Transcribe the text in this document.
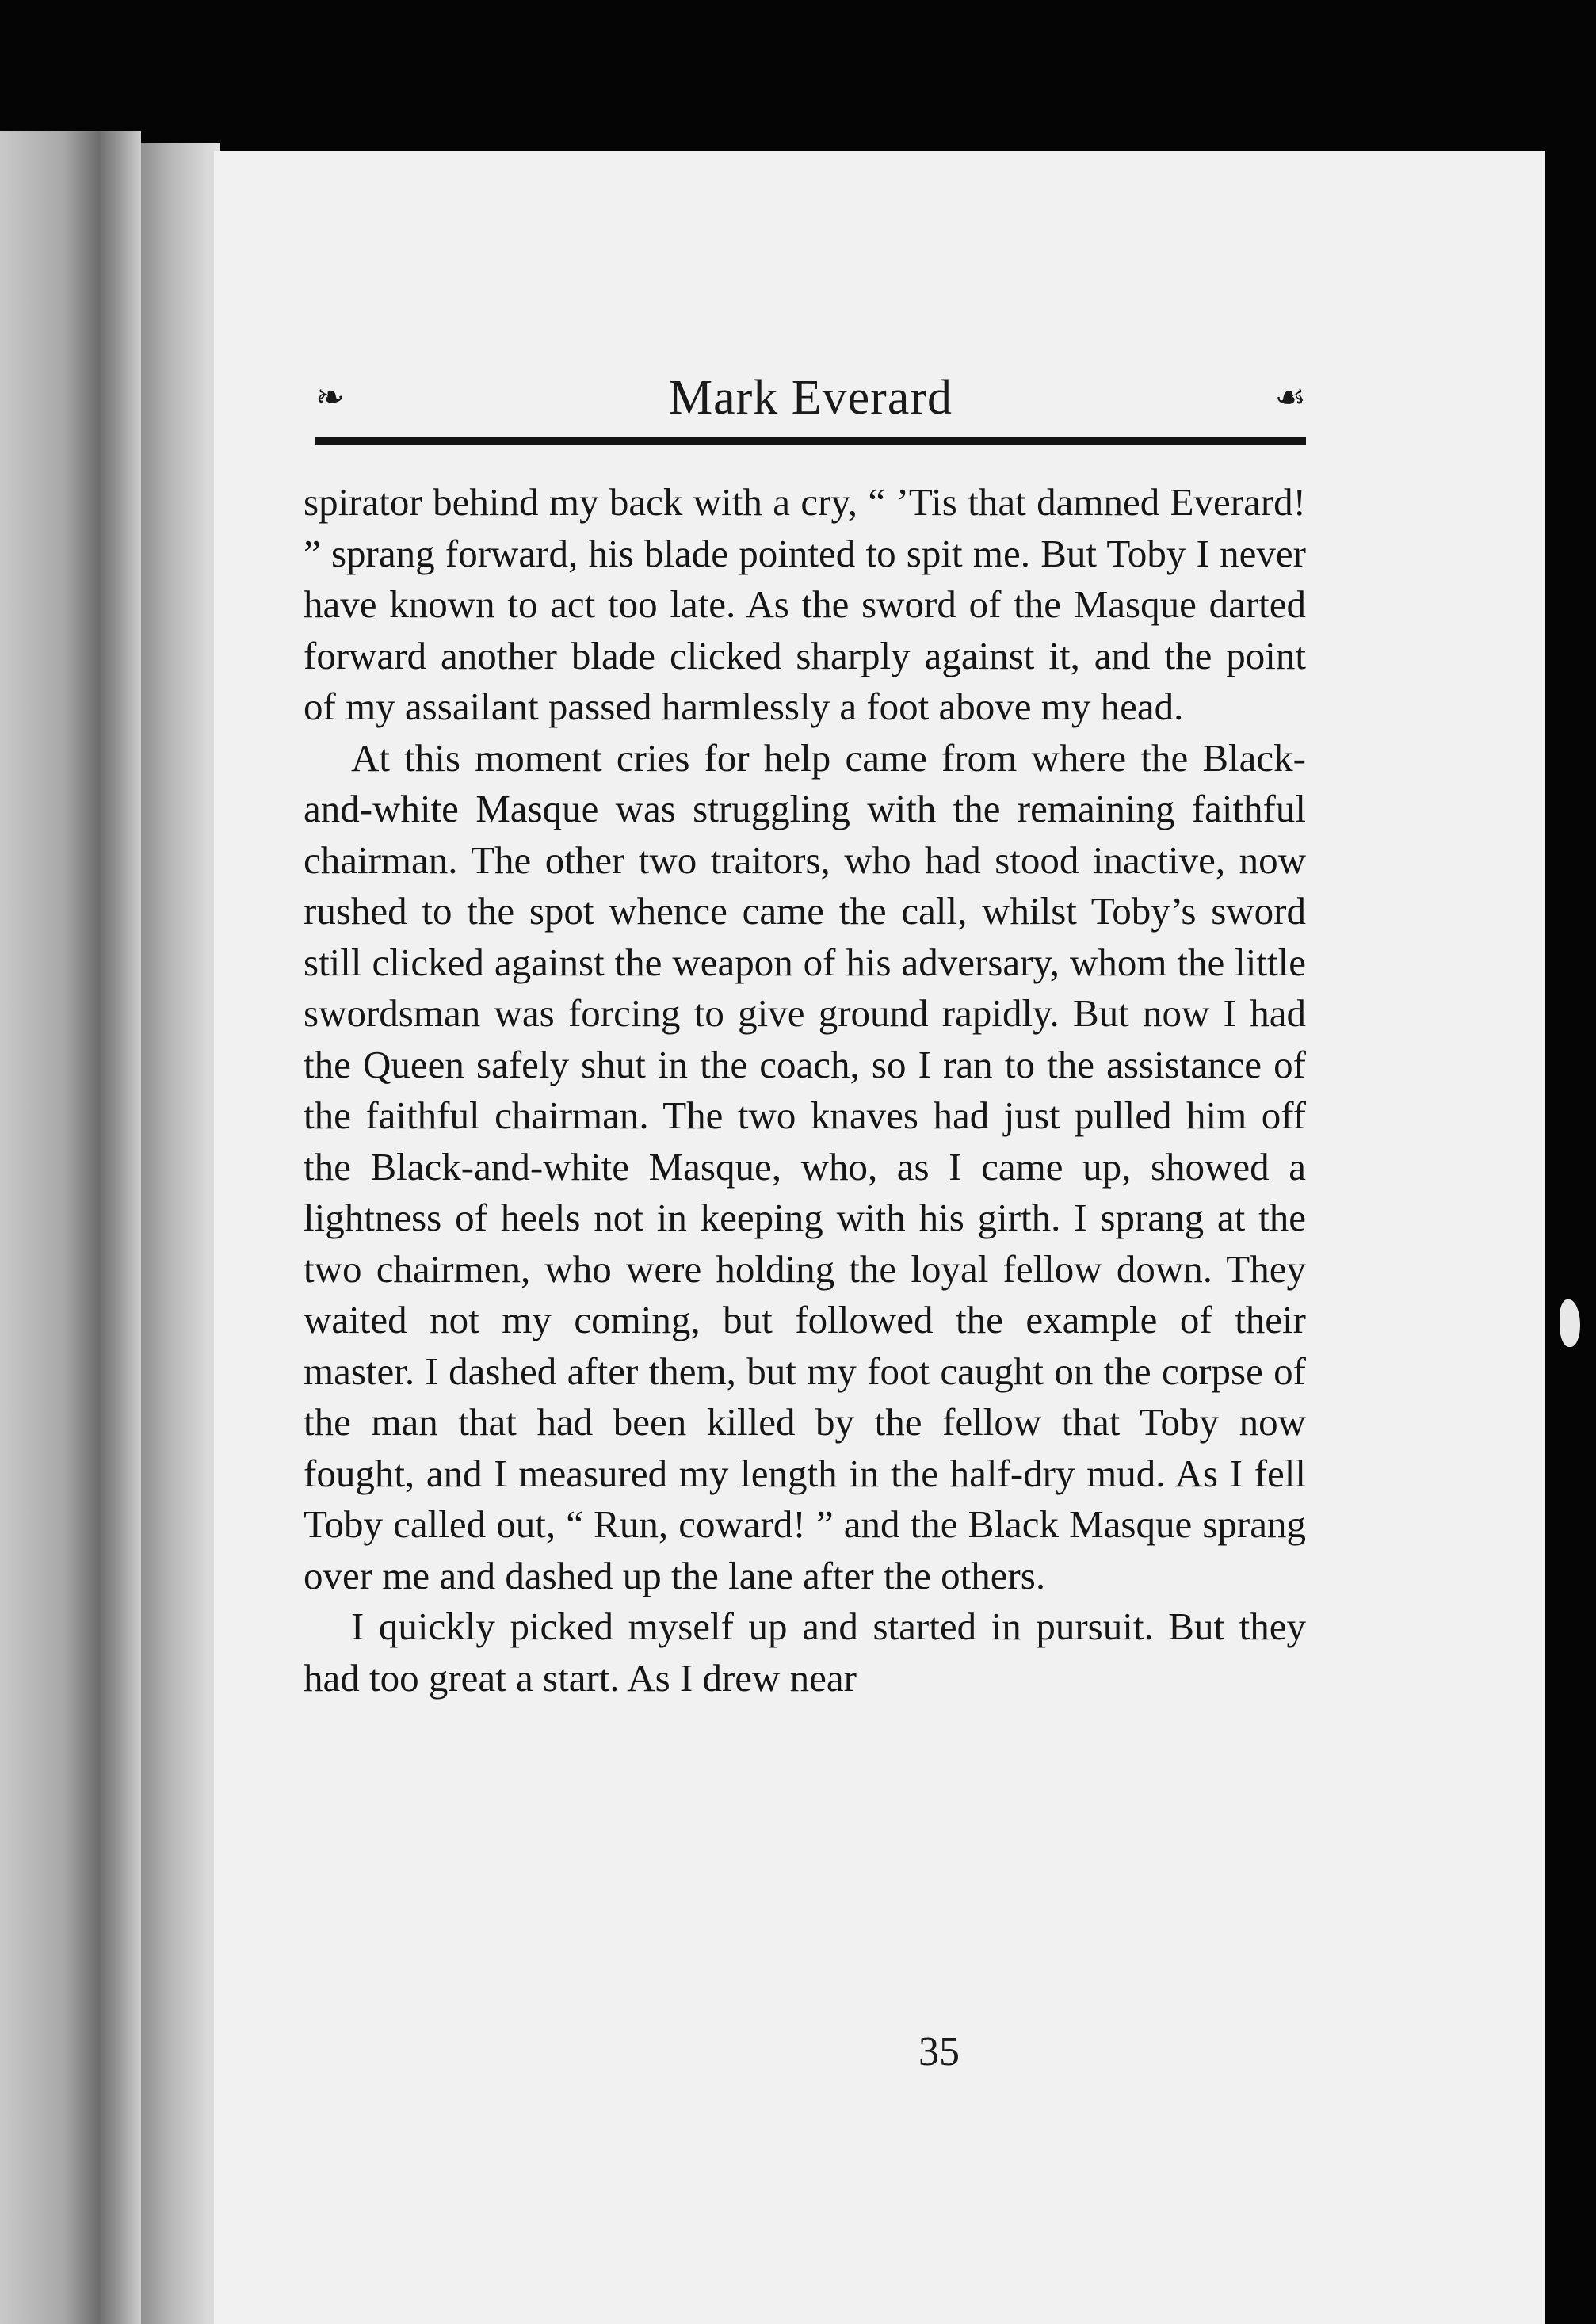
❧	Mark Everard	☙

spirator behind my back with a cry, “ ’Tis that damned Everard! ” sprang forward, his blade pointed to spit me. But Toby I never have known to act too late. As the sword of the Masque darted forward another blade clicked sharply against it, and the point of my assailant passed harmlessly a foot above my head.

At this moment cries for help came from where the Black-and-white Masque was struggling with the remaining faithful chairman. The other two traitors, who had stood inactive, now rushed to the spot whence came the call, whilst Toby’s sword still clicked against the weapon of his adversary, whom the little swordsman was forcing to give ground rapidly. But now I had the Queen safely shut in the coach, so I ran to the assistance of the faithful chairman. The two knaves had just pulled him off the Black-and-white Masque, who, as I came up, showed a lightness of heels not in keeping with his girth. I sprang at the two chairmen, who were holding the loyal fellow down. They waited not my coming, but followed the example of their master. I dashed after them, but my foot caught on the corpse of the man that had been killed by the fellow that Toby now fought, and I measured my length in the half-dry mud. As I fell Toby called out, “ Run, coward! ” and the Black Masque sprang over me and dashed up the lane after the others.

I quickly picked myself up and started in pursuit. But they had too great a start. As I drew near

35
